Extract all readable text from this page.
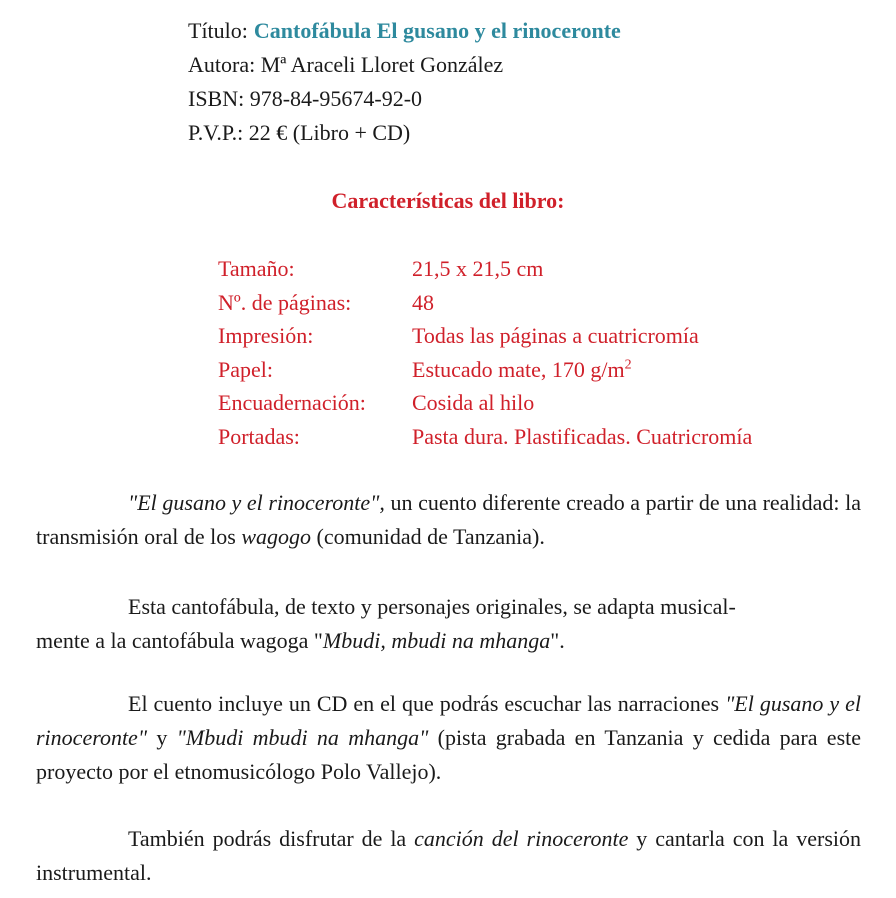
Título: Cantofábula El gusano y el rinoceronte
Autora: Mª Araceli Lloret González
ISBN: 978-84-95674-92-0
P.V.P.: 22 € (Libro + CD)
Características del libro:
Tamaño:	21,5 x 21,5 cm
Nº. de páginas:	48
Impresión:	Todas las páginas a cuatricromía
Papel:	Estucado mate, 170 $g/m^2$
Encuadernación:	Cosida al hilo
Portadas:	Pasta dura. Plastificadas. Cuatricromía

"El gusano y el rinoceronte", un cuento diferente creado a partir de una realidad: la transmisión oral de los wagogo (comunidad de Tanzania).

Esta cantofábula, de texto y personajes originales, se adapta musical-
mente a la cantofábula wagoga "Mbudi, mbudi na mhanga".

El cuento incluye un CD en el que podrás escuchar las narraciones "El gusano y el rinoceronte" y "Mbudi mbudi na mhanga" (pista grabada en Tanzania y cedida para este proyecto por el etnomusicólogo Polo Vallejo).

También podrás disfrutar de la canción del rinoceronte y cantarla con la versión instrumental.
